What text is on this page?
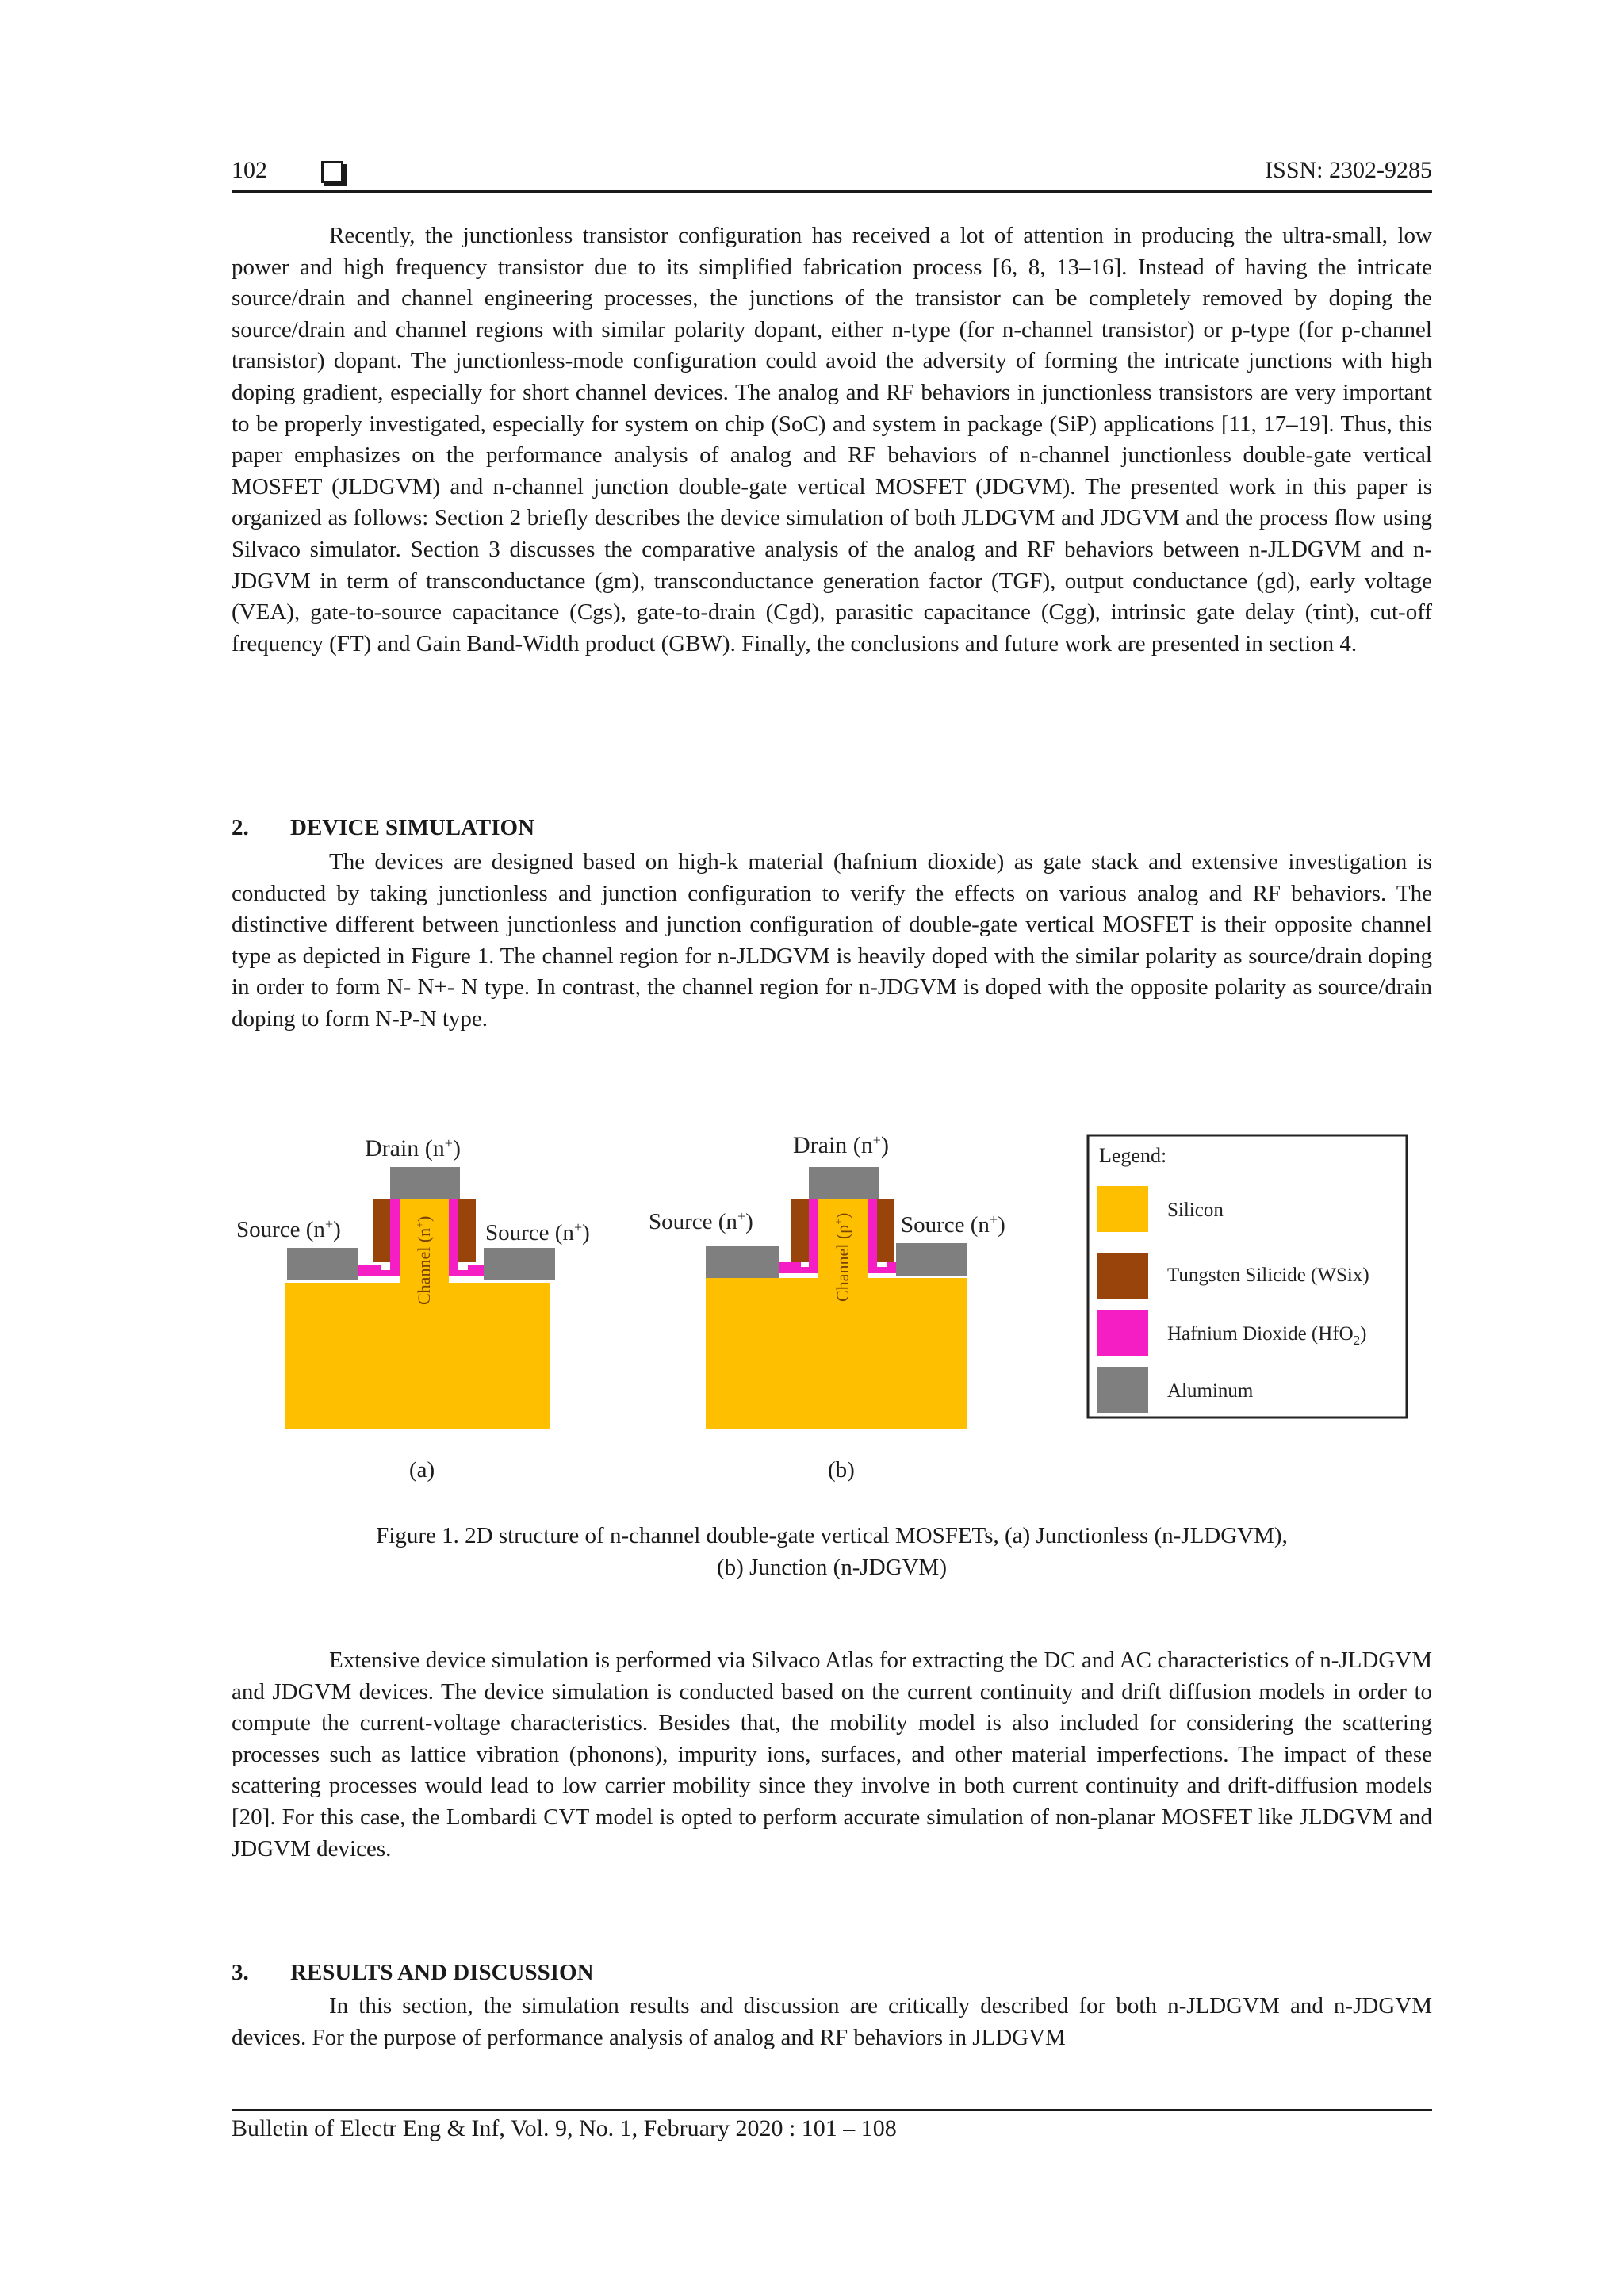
102	ISSN: 2302-9285

Recently, the junctionless transistor configuration has received a lot of attention in producing the ultra-small, low power and high frequency transistor due to its simplified fabrication process [6, 8, 13–16]. Instead of having the intricate source/drain and channel engineering processes, the junctions of the transistor can be completely removed by doping the source/drain and channel regions with similar polarity dopant, either n-type (for n-channel transistor) or p-type (for p-channel transistor) dopant. The junctionless-mode configuration could avoid the adversity of forming the intricate junctions with high doping gradient, especially for short channel devices. The analog and RF behaviors in junctionless transistors are very important to be properly investigated, especially for system on chip (SoC) and system in package (SiP) applications [11, 17–19]. Thus, this paper emphasizes on the performance analysis of analog and RF behaviors of n-channel junctionless double-gate vertical MOSFET (JLDGVM) and n-channel junction double-gate vertical MOSFET (JDGVM). The presented work in this paper is organized as follows: Section 2 briefly describes the device simulation of both JLDGVM and JDGVM and the process flow using Silvaco simulator. Section 3 discusses the comparative analysis of the analog and RF behaviors between n-JLDGVM and n-JDGVM in term of transconductance (gm), transconductance generation factor (TGF), output conductance (gd), early voltage (VEA), gate-to-source capacitance (Cgs), gate-to-drain (Cgd), parasitic capacitance (Cgg), intrinsic gate delay (τint), cut-off frequency (FT) and Gain Band-Width product (GBW). Finally, the conclusions and future work are presented in section 4.

2. DEVICE SIMULATION

The devices are designed based on high-k material (hafnium dioxide) as gate stack and extensive investigation is conducted by taking junctionless and junction configuration to verify the effects on various analog and RF behaviors. The distinctive different between junctionless and junction configuration of double-gate vertical MOSFET is their opposite channel type as depicted in Figure 1. The channel region for n-JLDGVM is heavily doped with the similar polarity as source/drain doping in order to form N- N+- N type. In contrast, the channel region for n-JDGVM is doped with the opposite polarity as source/drain doping to form N-P-N type.

Drain (n+)
Source (n+)	Source (n+)
Channel (n+)
Drain (n+)
Source (n+)	Source (n+)
Channel (p+)
Legend:
Silicon
Tungsten Silicide (WSix)
Hafnium Dioxide (HfO$_2$)
Aluminum
(a)	(b)
Figure 1. 2D structure of n-channel double-gate vertical MOSFETs, (a) Junctionless (n-JLDGVM),
(b) Junction (n-JDGVM)

Extensive device simulation is performed via Silvaco Atlas for extracting the DC and AC characteristics of n-JLDGVM and JDGVM devices. The device simulation is conducted based on the current continuity and drift diffusion models in order to compute the current-voltage characteristics. Besides that, the mobility model is also included for considering the scattering processes such as lattice vibration (phonons), impurity ions, surfaces, and other material imperfections. The impact of these scattering processes would lead to low carrier mobility since they involve in both current continuity and drift-diffusion models [20]. For this case, the Lombardi CVT model is opted to perform accurate simulation of non-planar MOSFET like JLDGVM and JDGVM devices.

3. RESULTS AND DISCUSSION

In this section, the simulation results and discussion are critically described for both n-JLDGVM and n-JDGVM devices. For the purpose of performance analysis of analog and RF behaviors in JLDGVM

Bulletin of Electr Eng & Inf, Vol. 9, No. 1, February 2020 : 101 – 108
